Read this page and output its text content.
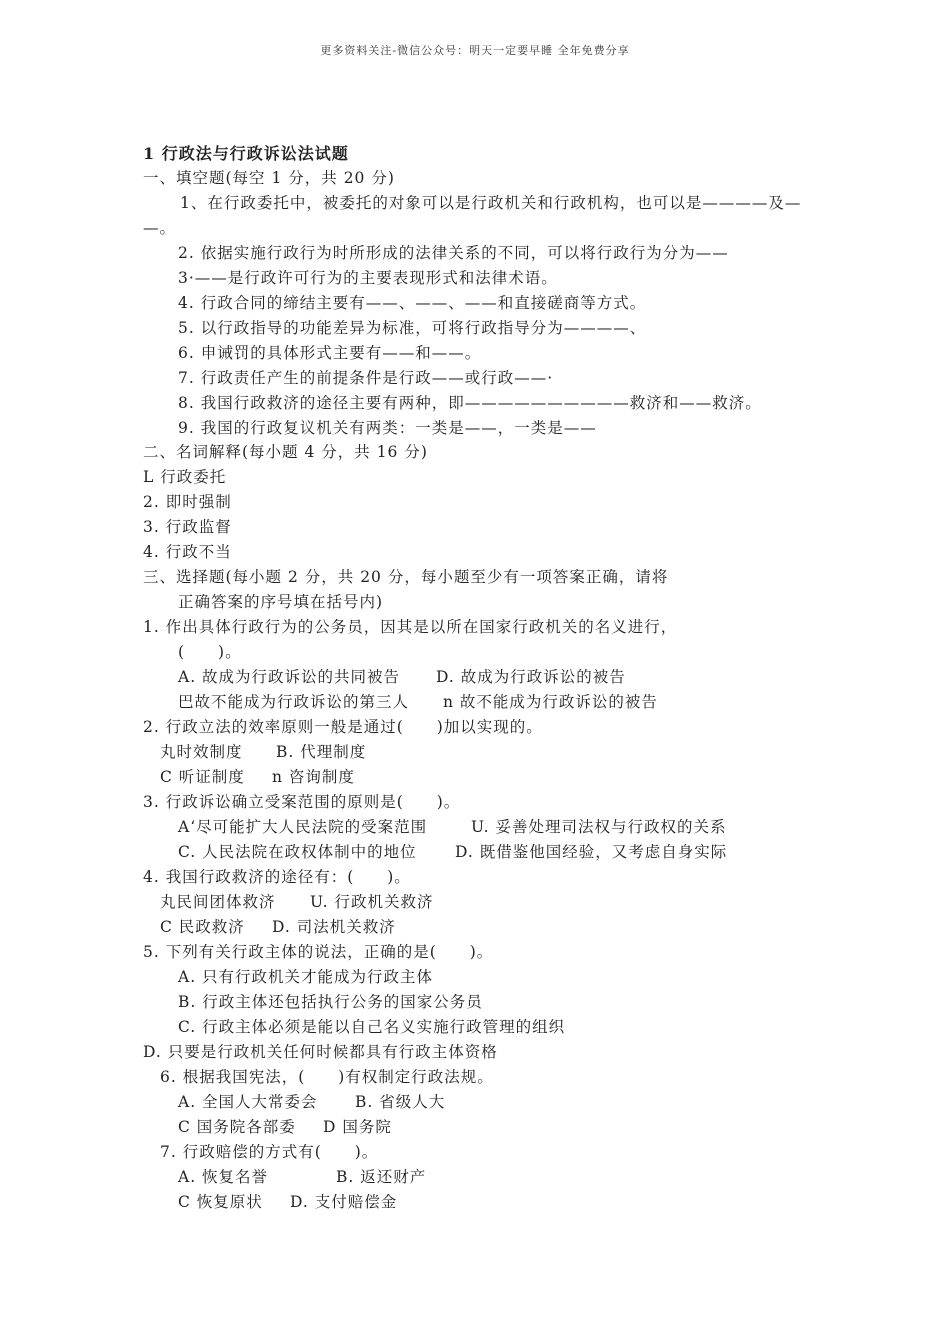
更多资料关注-微信公众号：明天一定要早睡 全年免费分享
1 行政法与行政诉讼法试题
一、填空题(每空 1 分，共 20 分)
1、在行政委托中，被委托的对象可以是行政机关和行政机构，也可以是————及—
—。
2. 依据实施行政行为时所形成的法律关系的不同，可以将行政行为分为——
3·——是行政许可行为的主要表现形式和法律术语。
4. 行政合同的缔结主要有——、——、——和直接磋商等方式。
5. 以行政指导的功能差异为标准，可将行政指导分为————、
6. 申诫罚的具体形式主要有——和——。
7. 行政责任产生的前提条件是行政——或行政——·
8. 我国行政救济的途径主要有两种，即——————————救济和——救济。
9. 我国的行政复议机关有两类：一类是——，一类是——
二、名词解释(每小题 4 分，共 16 分)
L 行政委托
2. 即时强制
3. 行政监督
4. 行政不当
三、选择题(每小题 2 分，共 20 分，每小题至少有一项答案正确，请将
正确答案的序号填在括号内)
1. 作出具体行政行为的公务员，因其是以所在国家行政机关的名义进行，
(　　)。
A. 故成为行政诉讼的共同被告 D. 故成为行政诉讼的被告
巴故不能成为行政诉讼的第三人 n 故不能成为行政诉讼的被告
2. 行政立法的效率原则一般是通过(　　)加以实现的。
丸时效制度 B. 代理制度
C 听证制度 n 咨询制度
3. 行政诉讼确立受案范围的原则是(　　)。
A‘尽可能扩大人民法院的受案范围	U. 妥善处理司法权与行政权的关系
C. 人民法院在政权体制中的地位 D. 既借鉴他国经验，又考虑自身实际
4. 我国行政救济的途径有：(　　)。
丸民间团体救济 U. 行政机关救济
C 民政救济 D. 司法机关救济
5. 下列有关行政主体的说法，正确的是(　　)。
A. 只有行政机关才能成为行政主体
B. 行政主体还包括执行公务的国家公务员
C. 行政主体必须是能以自己名义实施行政管理的组织
D. 只要是行政机关任何时候都具有行政主体资格
6. 根据我国宪法，(　　)有权制定行政法规。
A. 全国人大常委会 B. 省级人大
C 国务院各部委 D 国务院
7. 行政赔偿的方式有(　　)。
A. 恢复名誉	B. 返还财产
C 恢复原状 D. 支付赔偿金
